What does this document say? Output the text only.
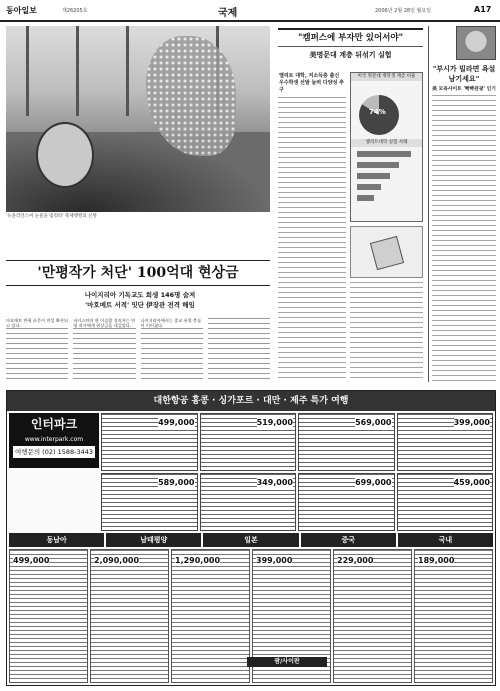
동아일보	제26205호	국제	2006년 2월 28일 월요일	A17
'뉴올리언스여 눈물을 멈춰라' 축제행렬의 신명
'만평작가 처단' 100억대 현상금
나이지리아 기독교도 희생 146명 숨져
'마호메트 서적' 잇단 伊장관 전격 해임

마호메트 만평 파문이 연일 확산되고 있다.

파키스탄의 한 이슬람 성직자는 만평 작가에게 현상금을 내걸었다.

나이지리아에서는 종교 유혈 충돌이 이어졌다.

"캠퍼스에 부자만 있어서야"
美명문대 계층 뒤섞기 실험
엘리트 대학, 저소득층 출신 우수학생 선발 늘려 다양성 추구
미국 명문대 재학생 계층 비율
74%
엘리트대학 실험 사례
"부시가 빌라면 욕설 남기세요"
美 모욕사이트 '빡빡관광' 인기
대한항공 홍콩 · 싱가포르 · 대만 · 제주 특가 여행
인터파크
www.interpark.com
여행문의 (02) 1588-3443
499,000	519,000	569,000	399,000
589,000	349,000	699,000	459,000
동남아	남태평양	일본	중국	국내
499,000	2,090,000	1,290,000	399,000	229,000	189,000
괌/사이판
